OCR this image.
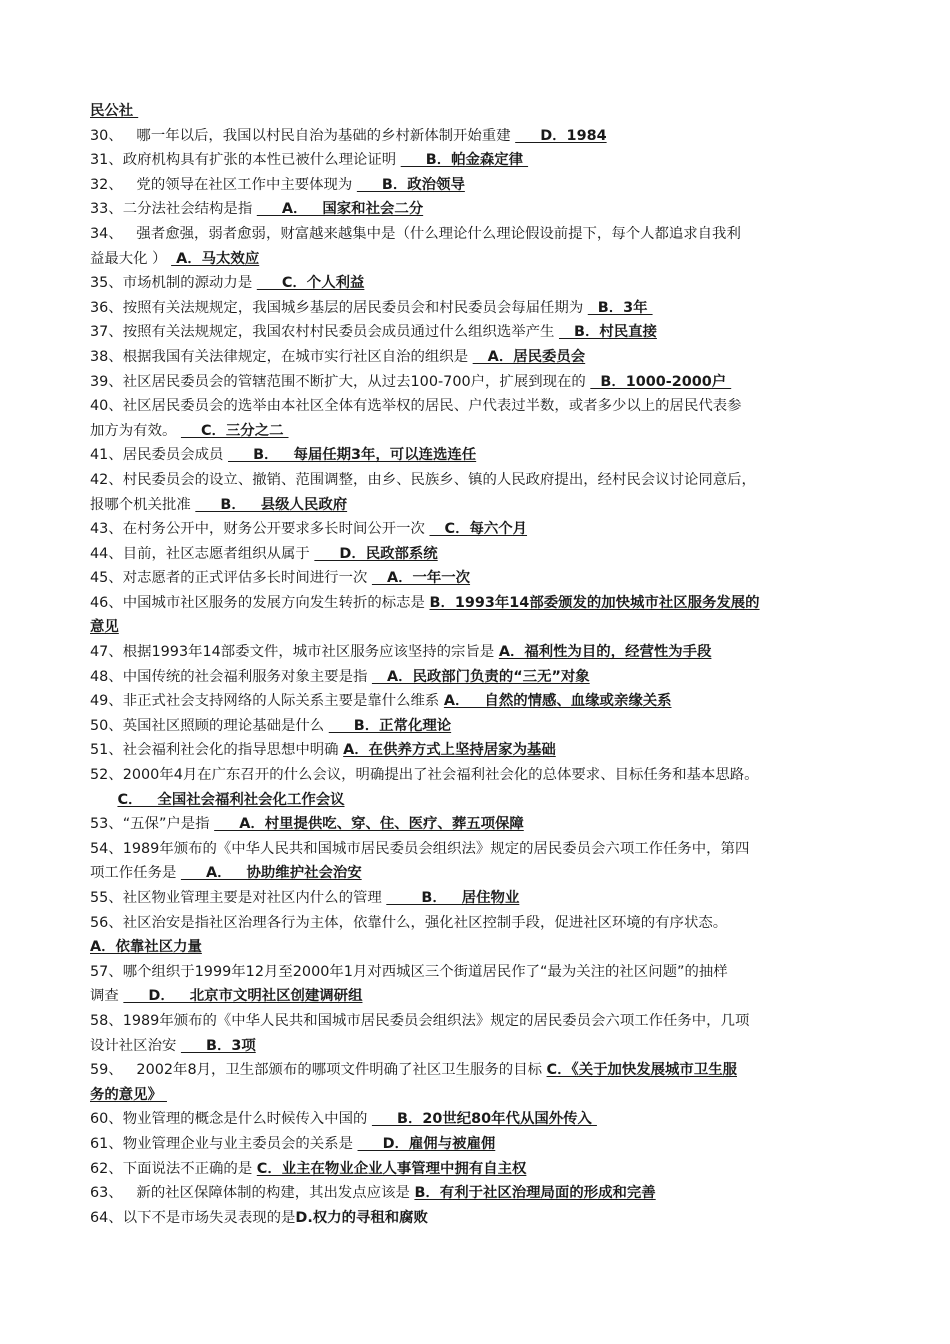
民公社
30、   哪一年以后，我国以村民自治为基础的乡村新体制开始重建      D．1984
31、政府机构具有扩张的本性已被什么理论证明      B．帕金森定律
32、   党的领导在社区工作中主要体现为      B．政治领导
33、二分法社会结构是指      A．   国家和社会二分
34、   强者愈强，弱者愈弱，财富越来越集中是（什么理论什么理论假设前提下，每个人都追求自我利
益最大化 ）  A．马太效应
35、市场机制的源动力是      C．个人利益
36、按照有关法规规定，我国城乡基层的居民委员会和村民委员会每届任期为   B．3年
37、按照有关法规规定，我国农村村民委员会成员通过什么组织选举产生    B．村民直接
38、根据我国有关法律规定，在城市实行社区自治的组织是    A．居民委员会
39、社区居民委员会的管辖范围不断扩大，从过去100-700户，扩展到现在的   B．1000-2000户
40、社区居民委员会的选举由本社区全体有选举权的居民、户代表过半数，或者多少以上的居民代表参
加方为有效。     C．三分之二
41、居民委员会成员      B．   每届任期3年，可以连选连任
42、村民委员会的设立、撤销、范围调整，由乡、民族乡、镇的人民政府提出，经村民会议讨论同意后，
报哪个机关批准      B．   县级人民政府
43、在村务公开中，财务公开要求多长时间公开一次    C．每六个月
44、目前，社区志愿者组织从属于      D．民政部系统
45、对志愿者的正式评估多长时间进行一次    A．一年一次
46、中国城市社区服务的发展方向发生转折的标志是 B．1993年14部委颁发的加快城市社区服务发展的
意见
47、根据1993年14部委文件，城市社区服务应该坚持的宗旨是 A．福利性为目的，经营性为手段
48、中国传统的社会福利服务对象主要是指    A．民政部门负责的“三无”对象
49、非正式社会支持网络的人际关系主要是靠什么维系 A．   自然的情感、血缘或亲缘关系
50、英国社区照顾的理论基础是什么      B．正常化理论
51、社会福利社会化的指导思想中明确 A．在供养方式上坚持居家为基础
52、2000年4月在广东召开的什么会议，明确提出了社会福利社会化的总体要求、目标任务和基本思路。
C．   全国社会福利社会化工作会议
53、“五保”户是指      A．村里提供吃、穿、住、医疗、葬五项保障
54、1989年颁布的《中华人民共和国城市居民委员会组织法》规定的居民委员会六项工作任务中，第四
项工作任务是      A．   协助维护社会治安
55、社区物业管理主要是对社区内什么的管理        B．   居住物业
56、社区治安是指社区治理各行为主体，依靠什么，强化社区控制手段，促进社区环境的有序状态。
A．依靠社区力量
57、哪个组织于1999年12月至2000年1月对西城区三个街道居民作了“最为关注的社区问题”的抽样
调查      D．   北京市文明社区创建调研组
58、1989年颁布的《中华人民共和国城市居民委员会组织法》规定的居民委员会六项工作任务中，几项
设计社区治安      B．3项
59、   2002年8月，卫生部颁布的哪项文件明确了社区卫生服务的目标 C．《关于加快发展城市卫生服
务的意见》
60、物业管理的概念是什么时候传入中国的      B．20世纪80年代从国外传入
61、物业管理企业与业主委员会的关系是      D．雇佣与被雇佣
62、下面说法不正确的是 C．业主在物业企业人事管理中拥有自主权
63、   新的社区保障体制的构建，其出发点应该是 B．有利于社区治理局面的形成和完善
64、以下不是市场失灵表现的是D.权力的寻租和腐败
